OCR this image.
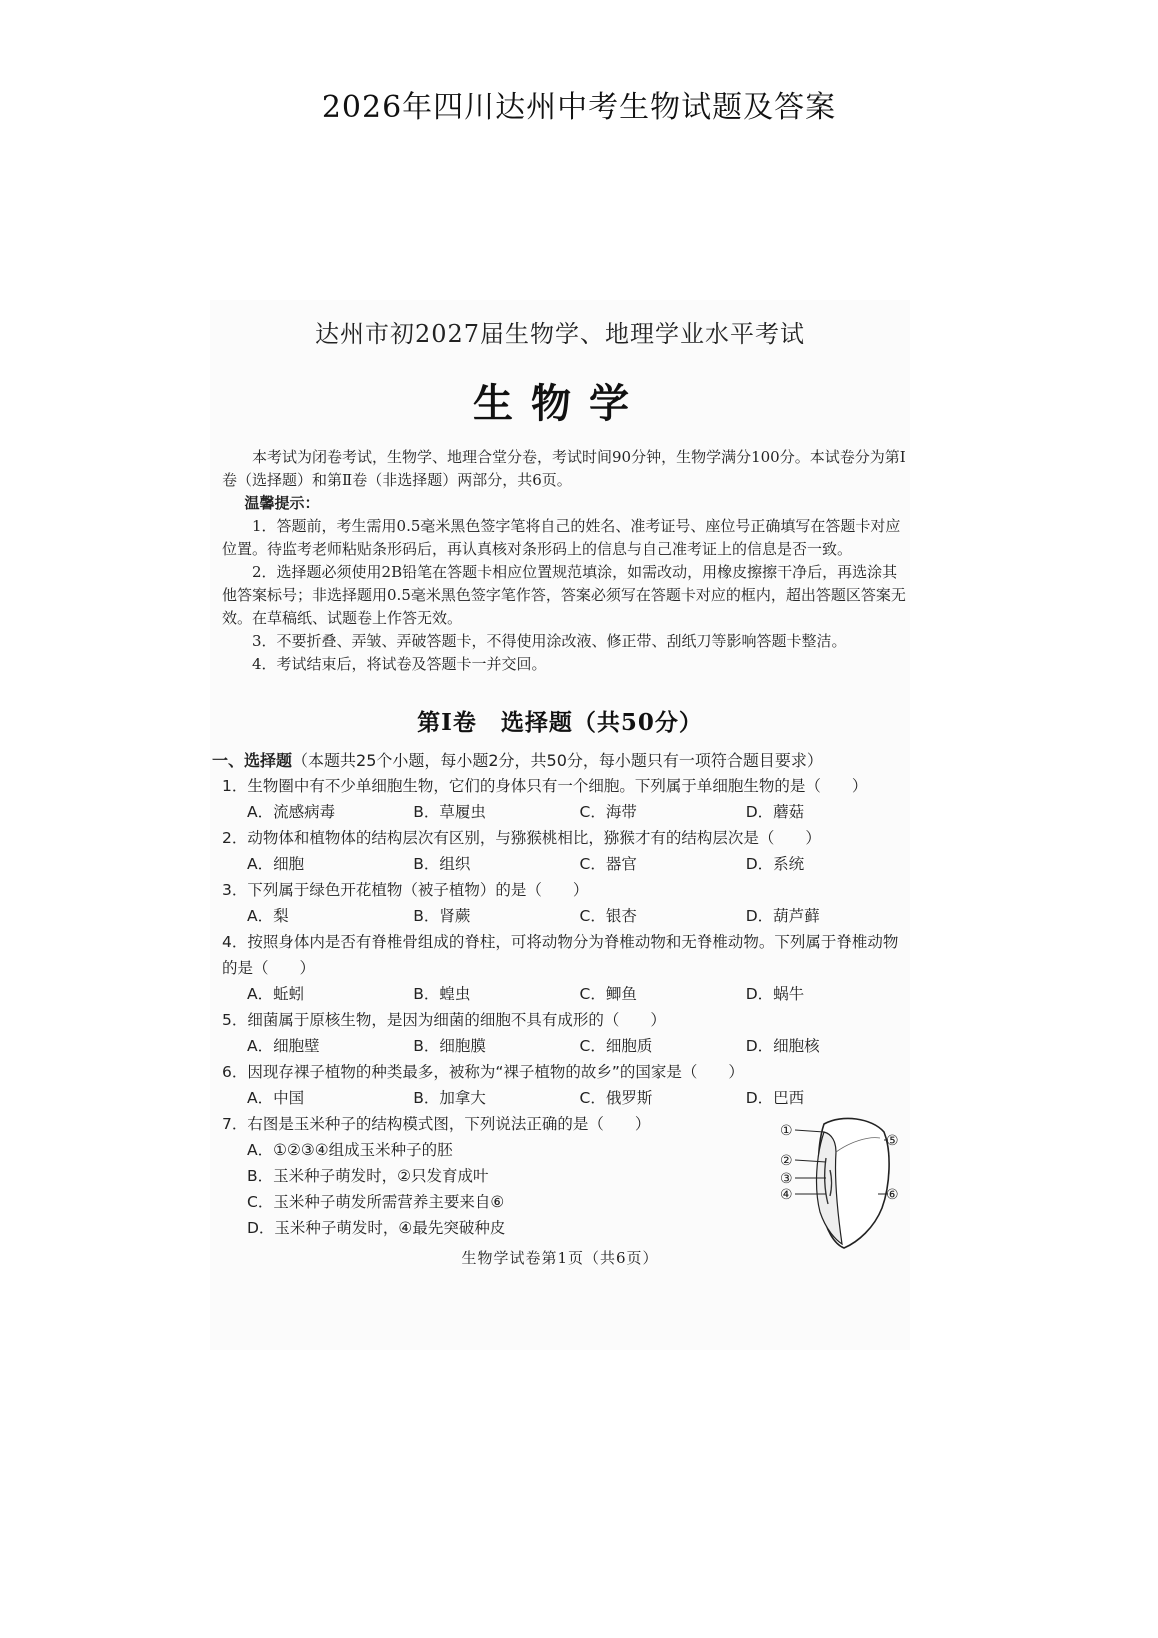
2026年四川达州中考生物试题及答案
达州市初2027届生物学、地理学业水平考试
生物学

本考试为闭卷考试，生物学、地理合堂分卷，考试时间90分钟，生物学满分100分。本试卷分为第Ⅰ卷（选择题）和第Ⅱ卷（非选择题）两部分，共6页。

温馨提示：

1．答题前，考生需用0.5毫米黑色签字笔将自己的姓名、准考证号、座位号正确填写在答题卡对应位置。待监考老师粘贴条形码后，再认真核对条形码上的信息与自己准考证上的信息是否一致。

2．选择题必须使用2B铅笔在答题卡相应位置规范填涂，如需改动，用橡皮擦擦干净后，再选涂其他答案标号；非选择题用0.5毫米黑色签字笔作答，答案必须写在答题卡对应的框内，超出答题区答案无效。在草稿纸、试题卷上作答无效。

3．不要折叠、弄皱、弄破答题卡，不得使用涂改液、修正带、刮纸刀等影响答题卡整洁。

4．考试结束后，将试卷及答题卡一并交回。

第Ⅰ卷　选择题（共50分）
一、选择题（本题共25个小题，每小题2分，共50分，每小题只有一项符合题目要求）
1．生物圈中有不少单细胞生物，它们的身体只有一个细胞。下列属于单细胞生物的是（　　）
A．流感病毒	B．草履虫	C．海带	D．蘑菇
2．动物体和植物体的结构层次有区别，与猕猴桃相比，猕猴才有的结构层次是（　　）
A．细胞	B．组织	C．器官	D．系统
3．下列属于绿色开花植物（被子植物）的是（　　）
A．梨	B．肾蕨	C．银杏	D．葫芦藓
4．按照身体内是否有脊椎骨组成的脊柱，可将动物分为脊椎动物和无脊椎动物。下列属于脊椎动物的是（　　）
A．蚯蚓	B．蝗虫	C．鲫鱼	D．蜗牛
5．细菌属于原核生物，是因为细菌的细胞不具有成形的（　　）
A．细胞壁	B．细胞膜	C．细胞质	D．细胞核
6．因现存裸子植物的种类最多，被称为“裸子植物的故乡”的国家是（　　）
A．中国	B．加拿大	C．俄罗斯	D．巴西
7．右图是玉米种子的结构模式图，下列说法正确的是（　　）
A．①②③④组成玉米种子的胚
B．玉米种子萌发时，②只发育成叶
C．玉米种子萌发所需营养主要来自⑥
D．玉米种子萌发时，④最先突破种皮
①
②
③
④
⑤
⑥
生物学试卷第1页（共6页）
